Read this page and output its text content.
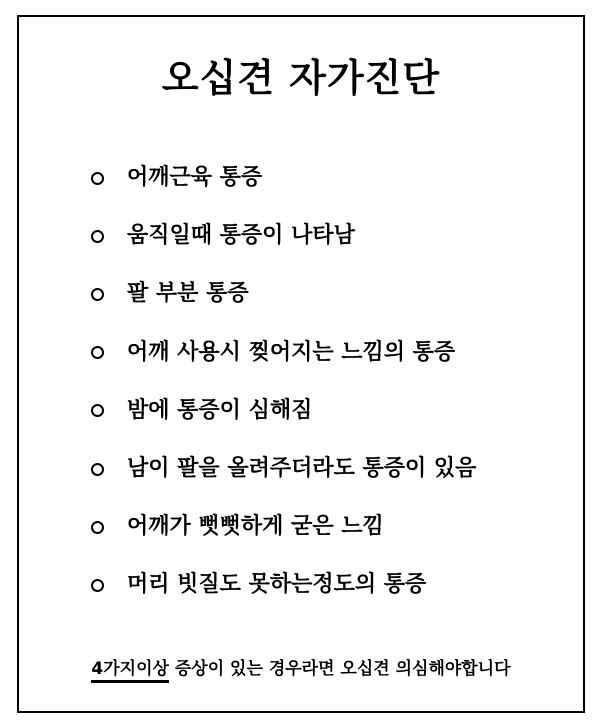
오십견 자가진단
어깨근육 통증
움직일때 통증이 나타남
팔 부분 통증
어깨 사용시 찢어지는 느낌의 통증
밤에 통증이 심해짐
남이 팔을 올려주더라도 통증이 있음
어깨가 뻣뻣하게 굳은 느낌
머리 빗질도 못하는정도의 통증
4가지이상 증상이 있는 경우라면 오십견 의심해야합니다
